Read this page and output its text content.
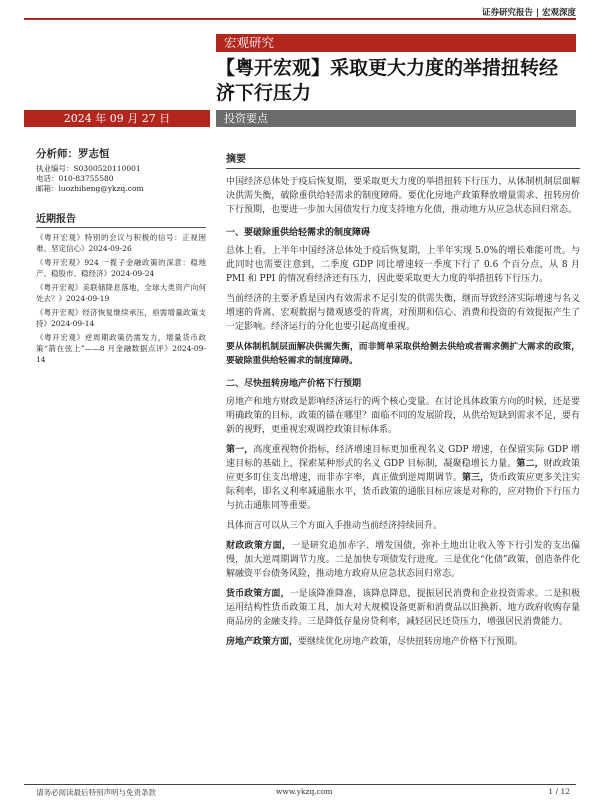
证券研究报告 | 宏观深度
宏观研究
【粤开宏观】采取更大力度的举措扭转经济下行压力
2024 年 09 月 27 日	投资要点
分析师：罗志恒
执业编号：S0300520110001
电话：010-83755580
邮箱：luozhiheng@ykzq.com
近期报告
《粤开宏观》特别的会议与积极的信号：正视困难、坚定信心》2024-09-26
《粤开宏观》924 一揽子金融政策的深意：稳地产、稳股市、稳经济》2024-09-24
《粤开宏观》美联储降息落地，全球大类资产向何处去？》2024-09-19
《粤开宏观》经济恢复继续承压，亟需增量政策支持》2024-09-14
《粤开宏观》逆周期政策仍需发力，增量货币政策“箭在弦上”——8 月金融数据点评》2024-09-14
摘要

中国经济总体处于疫后恢复期，要采取更大力度的举措扭转下行压力，从体制机制层面解决供需失衡，破除重供给轻需求的制度障碍。要优化房地产政策释放增量需求、扭转房价下行预期，也要进一步加大国债发行力度支持地方化债，推动地方从应急状态回归常态。

一、要破除重供给轻需求的制度障碍

总体上看，上半年中国经济总体处于疫后恢复期，上半年实现 5.0%的增长难能可贵。与此同时也需要注意到，二季度 GDP 同比增速较一季度下行了 0.6 个百分点，从 8 月 PMI 和 PPI 的情况看经济还有压力，因此要采取更大力度的举措扭转下行压力。

当前经济的主要矛盾是国内有效需求不足引发的供需失衡，继而导致经济实际增速与名义增速的背离、宏观数据与微观感受的背离，对预期和信心、消费和投资的有效提振产生了一定影响。经济运行的分化也要引起高度重视。

要从体制机制层面解决供需失衡，而非简单采取供给侧去供给或者需求侧扩大需求的政策，要破除重供给轻需求的制度障碍。

二、尽快扭转房地产价格下行预期

房地产和地方财政是影响经济运行的两个核心变量。在讨论具体政策方向的时候，还是要明确政策的目标，政策的锚在哪里？面临不同的发展阶段，从供给短缺到需求不足，要有新的视野，更重视宏观调控政策目标体系。

第一，高度重视物价指标，经济增速目标更加重视名义 GDP 增速，在保留实际 GDP 增速目标的基础上，探索某种形式的名义 GDP 目标制，凝聚稳增长力量。第二，财政政策应更多盯住支出增速，而非赤字率，真正做到逆周期调节。第三，货币政策应更多关注实际利率，即名义利率减通胀水平，货币政策的通胀目标应该是对称的，应对物价下行压力与抗击通胀同等重要。

具体而言可以从三个方面入手推动当前经济持续回升。

财政政策方面，一是研究追加赤字、增发国债，弥补土地出让收入等下行引发的支出偏慢，加大逆周期调节力度。二是加快专项债发行进度。三是优化“化债”政策，创造条件化解融资平台债务风险，推动地方政府从应急状态回归常态。

货币政策方面，一是该降准降准，该降息降息，提振居民消费和企业投资需求。二是积极运用结构性货币政策工具，加大对大规模设备更新和消费品以旧换新、地方政府收购存量商品房的金融支持。三是降低存量房贷利率，减轻居民还贷压力，增强居民消费能力。

房地产政策方面，要继续优化房地产政策，尽快扭转房地产价格下行预期。

请务必阅读最后特别声明与免责条款	www.ykzq.com	1 / 12
